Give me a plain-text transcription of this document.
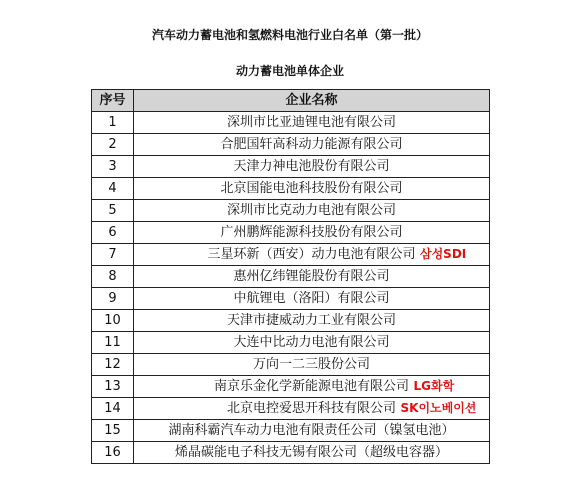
汽车动力蓄电池和氢燃料电池行业白名单（第一批）
动力蓄电池单体企业
序号	企业名称
1	深圳市比亚迪锂电池有限公司
2	合肥国轩高科动力能源有限公司
3	天津力神电池股份有限公司
4	北京国能电池科技股份有限公司
5	深圳市比克动力电池有限公司
6	广州鹏辉能源科技股份有限公司
7	三星环新（西安）动力电池有限公司 삼성SDI

8	惠州亿纬锂能股份有限公司
9	中航锂电（洛阳）有限公司
10	天津市捷威动力工业有限公司
11	大连中比动力电池有限公司
12	万向一二三股份公司
13	南京乐金化学新能源电池有限公司 LG화학

14	北京电控爱思开科技有限公司 SK이노베이션

15	湖南科霸汽车动力电池有限责任公司（镍氢电池）
16	烯晶碳能电子科技无锡有限公司（超级电容器）
